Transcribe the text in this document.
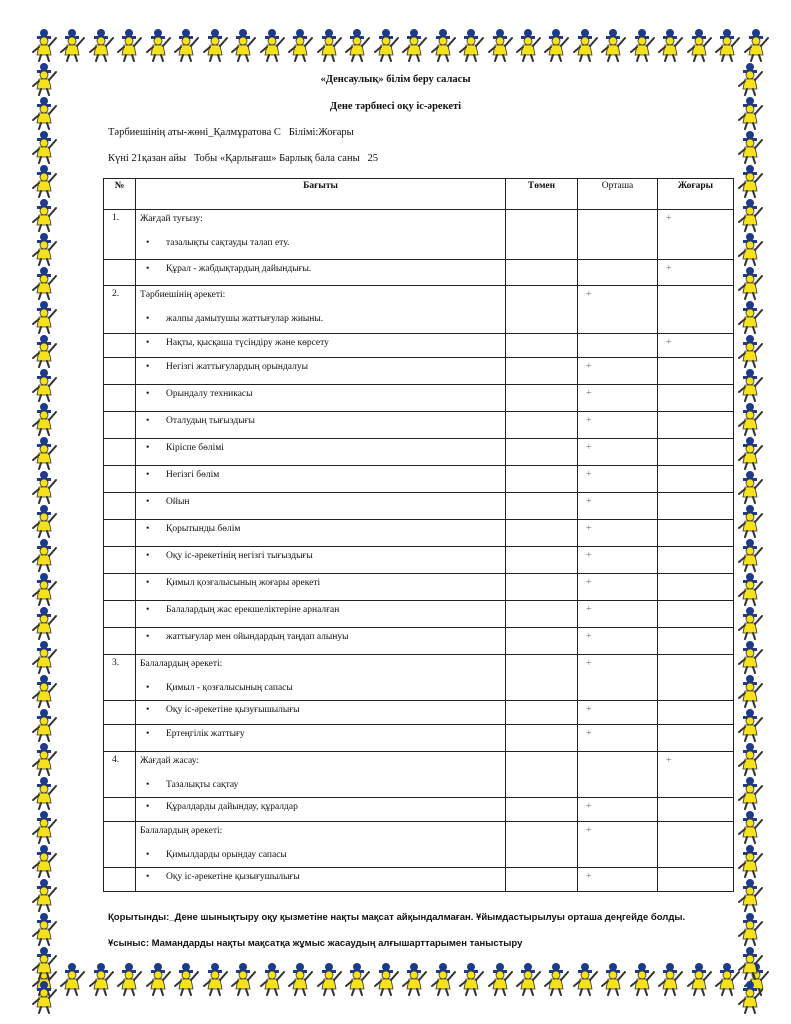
«Денсаулық» білім беру саласы
Дене тәрбиесі оқу іс-әрекеті
Тәрбиешінің аты-жөні_Қалмұратова С   Білімі:Жоғары
Күні 21қазан айы   Тобы «Қарлығаш» Барлық бала саны   25
№	Бағыты	Төмен	Орташа	Жоғары
1.	Жағдай туғызу:
• тазалықты сақтауды талап ету.			+

	• Құрал - жабдықтардың дайындығы.			+
2.	Тәрбиешінің әрекеті:
• жалпы дамытушы жаттығулар жиыны.		+	

	• Нақты, қысқаша түсіндіру және көрсету			+

	• Негізгі жаттығулардың орындалуы		+	

	• Орындалу техникасы		+	

	• Оталудың тығыздығы		+	

	• Кіріспе бөлімі		+	

	• Негізгі бөлім		+	

	• Ойын		+	

	• Қорытынды бөлім		+	

	• Оқу іс-әрекетінің негізгі тығыздығы		+	

	• Қимыл қозғалысының жоғары әрекеті		+	

	• Балалардың жас ерекшеліктеріне арналған		+	

	• жаттығулар мен ойындардың таңдап алынуы		+	
3.	Балалардың әрекеті:
• Қимыл - қозғалысының сапасы		+	

	• Оқу іс-әрекетіне қызуғышылығы		+	

	• Ертеңгілік жаттығу		+	
4.	Жағдай жасау:
• Тазалықты сақтау			+

	• Құралдарды дайындау, құралдар		+	

	Балалардың әрекеті:
• Қимылдарды орындау сапасы		+	

	• Оқу іс-әрекетіне қызығушылығы		+	
Қорытынды:_Дене шынықтыру оқу қызметіне нақты мақсат айқындалмаған. Ұйымдастырылуы орташа деңгейде болды.
Ұсыныс: Мамандарды нақты мақсатқа жұмыс жасаудың алғышарттарымен таныстыру
